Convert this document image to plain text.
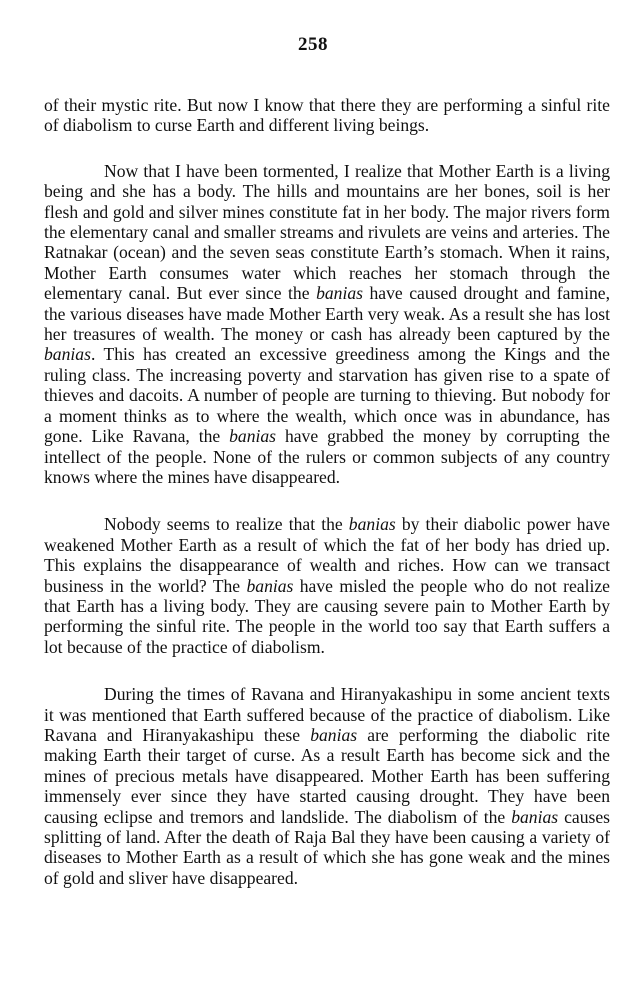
258

of their mystic rite. But now I know that there they are performing a sinful rite of diabolism to curse Earth and different living beings.

Now that I have been tormented, I realize that Mother Earth is a living being and she has a body. The hills and mountains are her bones, soil is her flesh and gold and silver mines constitute fat in her body. The major rivers form the elementary canal and smaller streams and rivulets are veins and arteries. The Ratnakar (ocean) and the seven seas constitute Earth’s stomach. When it rains, Mother Earth consumes water which reaches her stomach through the elementary canal. But ever since the banias have caused drought and famine, the various diseases have made Mother Earth very weak. As a result she has lost her treasures of wealth. The money or cash has already been captured by the banias. This has created an excessive greediness among the Kings and the ruling class. The increasing poverty and starvation has given rise to a spate of thieves and dacoits. A number of people are turning to thieving. But nobody for a moment thinks as to where the wealth, which once was in abundance, has gone. Like Ravana, the banias have grabbed the money by corrupting the intellect of the people. None of the rulers or common subjects of any country knows where the mines have disappeared.

Nobody seems to realize that the banias by their diabolic power have weakened Mother Earth as a result of which the fat of her body has dried up. This explains the disappearance of wealth and riches. How can we transact business in the world? The banias have misled the people who do not realize that Earth has a living body. They are causing severe pain to Mother Earth by performing the sinful rite. The people in the world too say that Earth suffers a lot because of the practice of diabolism.

During the times of Ravana and Hiranyakashipu in some ancient texts it was mentioned that Earth suffered because of the practice of diabolism. Like Ravana and Hiranyakashipu these banias are performing the diabolic rite making Earth their target of curse. As a result Earth has become sick and the mines of precious metals have disappeared. Mother Earth has been suffering immensely ever since they have started causing drought. They have been causing eclipse and tremors and landslide. The diabolism of the banias causes splitting of land. After the death of Raja Bal they have been causing a variety of diseases to Mother Earth as a result of which she has gone weak and the mines of gold and sliver have disappeared.
